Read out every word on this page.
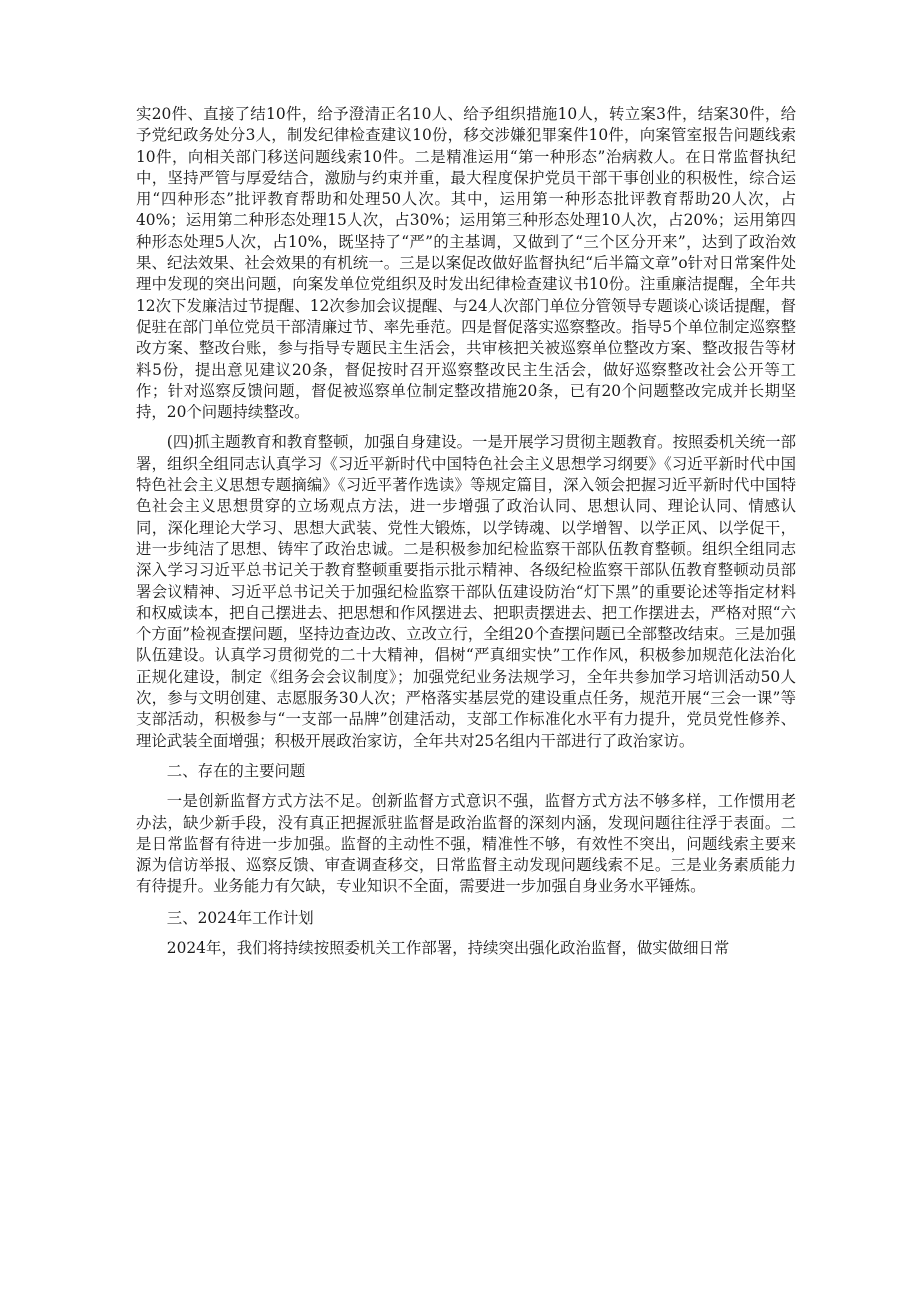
实20件、直接了结10件，给予澄清正名10人、给予组织措施10人，转立案3件，结案30件，给予党纪政务处分3人，制发纪律检查建议10份，移交涉嫌犯罪案件10件，向案管室报告问题线索10件，向相关部门移送问题线索10件。二是精准运用“第一种形态”治病救人。在日常监督执纪中，坚持严管与厚爱结合，激励与约束并重，最大程度保护党员干部干事创业的积极性，综合运用“四种形态”批评教育帮助和处理50人次。其中，运用第一种形态批评教育帮助20人次，占40%；运用第二种形态处理15人次，占30%；运用第三种形态处理10人次，占20%；运用第四种形态处理5人次，占10%，既坚持了“严”的主基调，又做到了“三个区分开来”，达到了政治效果、纪法效果、社会效果的有机统一。三是以案促改做好监督执纪“后半篇文章”o针对日常案件处理中发现的突出问题，向案发单位党组织及时发出纪律检查建议书10份。注重廉洁提醒，全年共12次下发廉洁过节提醒、12次参加会议提醒、与24人次部门单位分管领导专题谈心谈话提醒，督促驻在部门单位党员干部清廉过节、率先垂范。四是督促落实巡察整改。指导5个单位制定巡察整改方案、整改台账，参与指导专题民主生活会，共审核把关被巡察单位整改方案、整改报告等材料5份，提出意见建议20条，督促按时召开巡察整改民主生活会，做好巡察整改社会公开等工作；针对巡察反馈问题，督促被巡察单位制定整改措施20条，已有20个问题整改完成并长期坚持，20个问题持续整改。

(四)抓主题教育和教育整顿，加强自身建设。一是开展学习贯彻主题教育。按照委机关统一部署，组织全组同志认真学习《习近平新时代中国特色社会主义思想学习纲要》《习近平新时代中国特色社会主义思想专题摘编》《习近平著作选读》等规定篇目，深入领会把握习近平新时代中国特色社会主义思想贯穿的立场观点方法，进一步增强了政治认同、思想认同、理论认同、情感认同，深化理论大学习、思想大武装、党性大锻炼，以学铸魂、以学增智、以学正风、以学促干，进一步纯洁了思想、铸牢了政治忠诚。二是积极参加纪检监察干部队伍教育整顿。组织全组同志深入学习习近平总书记关于教育整顿重要指示批示精神、各级纪检监察干部队伍教育整顿动员部署会议精神、习近平总书记关于加强纪检监察干部队伍建设防治“灯下黑”的重要论述等指定材料和权威读本，把自己摆进去、把思想和作风摆进去、把职责摆进去、把工作摆进去，严格对照“六个方面”检视查摆问题，坚持边查边改、立改立行，全组20个查摆问题已全部整改结束。三是加强队伍建设。认真学习贯彻党的二十大精神，倡树“严真细实快”工作作风，积极参加规范化法治化正规化建设，制定《组务会会议制度》；加强党纪业务法规学习，全年共参加学习培训活动50人次，参与文明创建、志愿服务30人次；严格落实基层党的建设重点任务，规范开展“三会一课”等支部活动，积极参与“一支部一品牌”创建活动，支部工作标准化水平有力提升，党员党性修养、理论武装全面增强；积极开展政治家访，全年共对25名组内干部进行了政治家访。

二、存在的主要问题

一是创新监督方式方法不足。创新监督方式意识不强，监督方式方法不够多样，工作惯用老办法，缺少新手段，没有真正把握派驻监督是政治监督的深刻内涵，发现问题往往浮于表面。二是日常监督有待进一步加强。监督的主动性不强，精准性不够，有效性不突出，问题线索主要来源为信访举报、巡察反馈、审查调查移交，日常监督主动发现问题线索不足。三是业务素质能力有待提升。业务能力有欠缺，专业知识不全面，需要进一步加强自身业务水平锤炼。

三、2024年工作计划

2024年，我们将持续按照委机关工作部署，持续突出强化政治监督，做实做细日常
